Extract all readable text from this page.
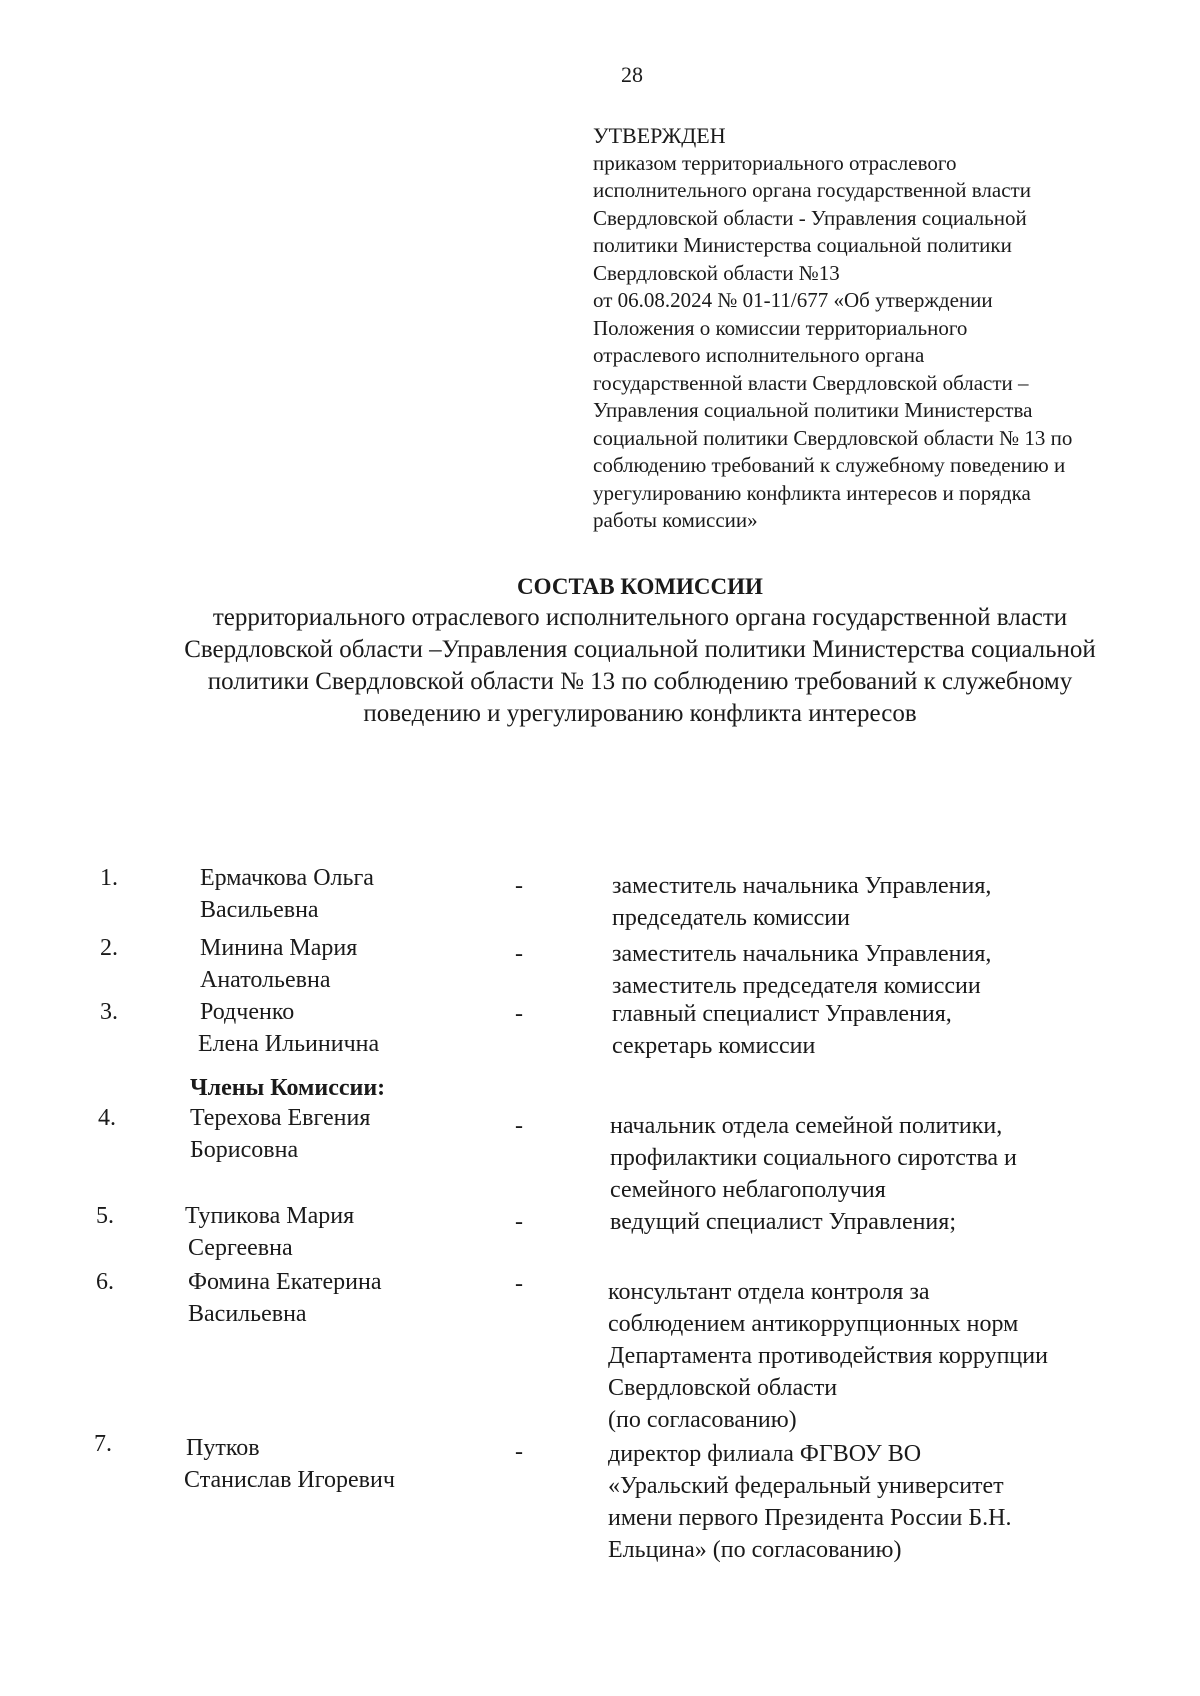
28
УТВЕРЖДЕН
приказом территориального отраслевого
исполнительного органа государственной власти
Свердловской области - Управления социальной
политики Министерства социальной политики
Свердловской области №13
от 06.08.2024 № 01-11/677 «Об утверждении
Положения о комиссии территориального
отраслевого исполнительного органа
государственной власти Свердловской области –
Управления социальной политики Министерства
социальной политики Свердловской области № 13 по
соблюдению требований к служебному поведению и
урегулированию конфликта интересов и порядка
работы комиссии»
СОСТАВ КОМИССИИ
территориального отраслевого исполнительного органа государственной власти
Свердловской области –Управления социальной политики Министерства социальной
политики Свердловской области № 13 по соблюдению требований к служебному
поведению и урегулированию конфликта интересов
1.	Ермачкова Ольга
Васильевна
-	заместитель начальника Управления,
председатель комиссии
2.	Минина Мария
Анатольевна
-	заместитель начальника Управления,
заместитель председателя комиссии
3.	Родченко
Елена Ильинична
-	главный специалист Управления,
секретарь комиссии
Члены Комиссии:
4.	Терехова Евгения
Борисовна
-	начальник отдела семейной политики,
профилактики социального сиротства и
семейного неблагополучия
5.	Тупикова Мария
Сергеевна
-	ведущий специалист Управления;
6.	Фомина Екатерина
Васильевна
-	консультант отдела контроля за
соблюдением антикоррупционных норм
Департамента противодействия коррупции
Свердловской области
(по согласованию)
7.	Путков
Станислав Игоревич
-	директор филиала ФГВОУ ВО
«Уральский федеральный университет
имени первого Президента России Б.Н.
Ельцина» (по согласованию)
